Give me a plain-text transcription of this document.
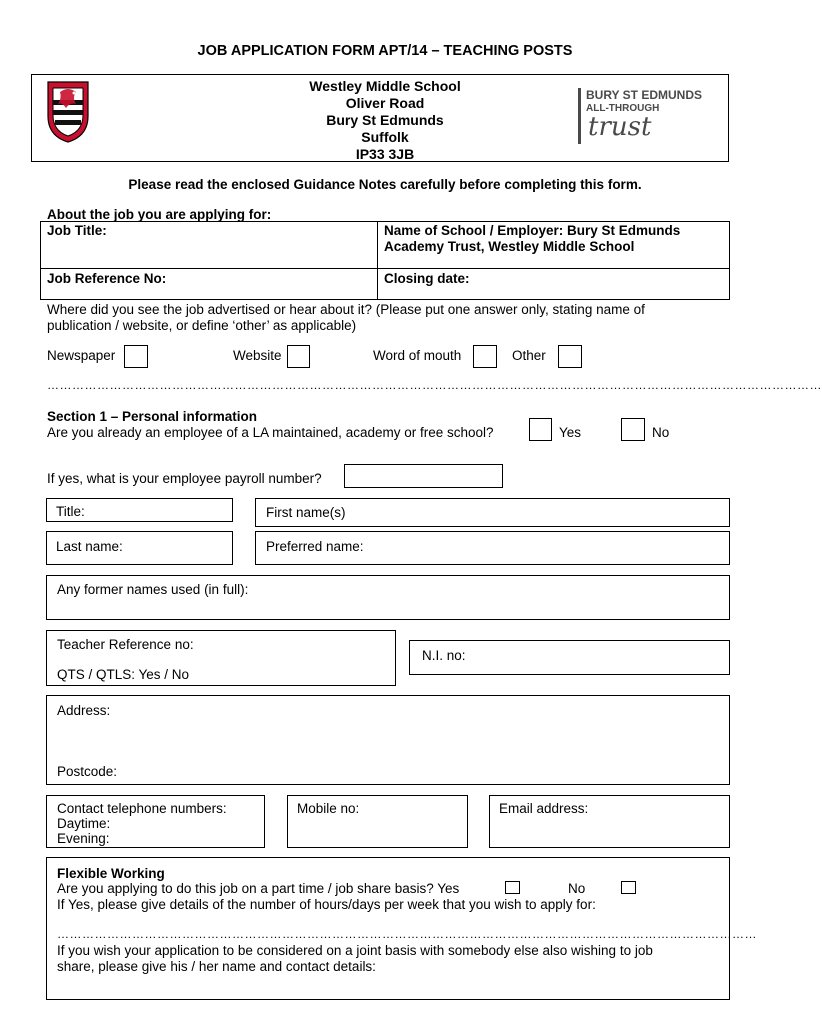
JOB APPLICATION FORM APT/14 – TEACHING POSTS
Westley Middle School
Oliver Road
Bury St Edmunds
Suffolk
IP33 3JB
BURY ST EDMUNDS
ALL-THROUGH
trust
Please read the enclosed Guidance Notes carefully before completing this form.
About the job you are applying for:
Job Title:	Name of School / Employer: Bury St Edmunds
Academy Trust, Westley Middle School
Job Reference No:	Closing date:
Where did you see the job advertised or hear about it? (Please put one answer only, stating name of
publication / website, or define ‘other’ as applicable)
Newspaper	Website	Word of mouth	Other
……………………………………………………………………………………………………………………………………………………………………
Section 1 – Personal information
Are you already an employee of a LA maintained, academy or free school?	Yes	No
If yes, what is your employee payroll number?
Title:	First name(s)
Last name:	Preferred name:
Any former names used (in full):
Teacher Reference no:
QTS / QTLS: Yes / No
N.I. no:
Address:
Postcode:
Contact telephone numbers:
Daytime:
Evening:
Mobile no:	Email address:
Flexible Working
Are you applying to do this job on a part time / job share basis? Yes	No
If Yes, please give details of the number of hours/days per week that you wish to apply for:
……………………………………………………………………………………………………………………………………………………
If you wish your application to be considered on a joint basis with somebody else also wishing to job
share, please give his / her name and contact details:
